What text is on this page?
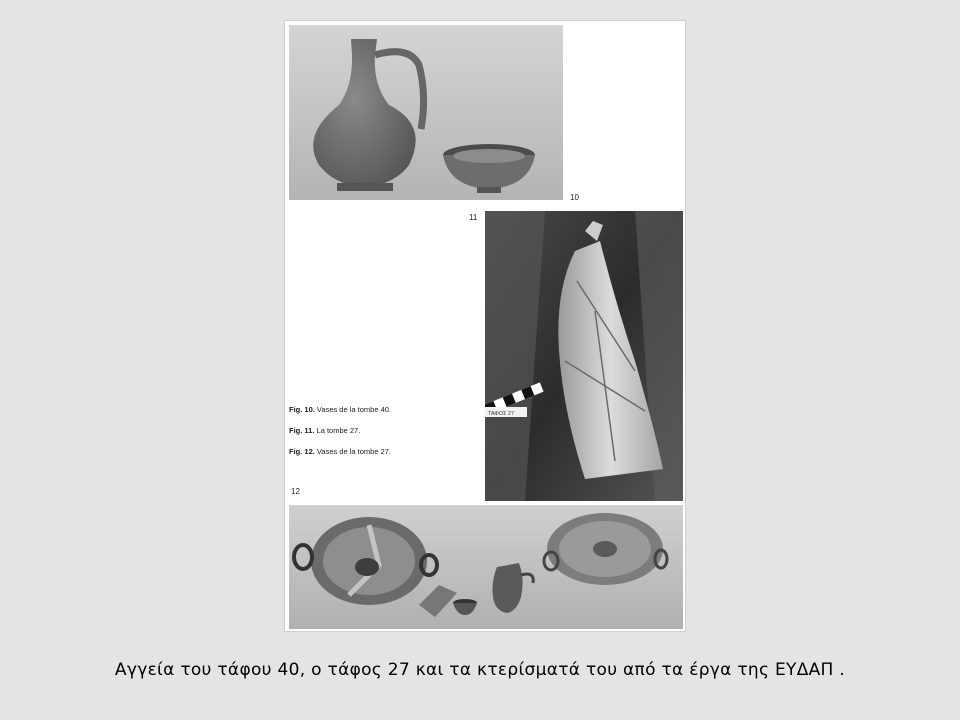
10
11
ΤΑΦΟΣ 27
Fig. 10. Vases de la tombe 40.
Fig. 11. La tombe 27.
Fig. 12. Vases de la tombe 27.
12
Αγγεία του τάφου 40, ο τάφος 27 και τα κτερίσματά του από τα έργα της ΕΥΔΑΠ .
